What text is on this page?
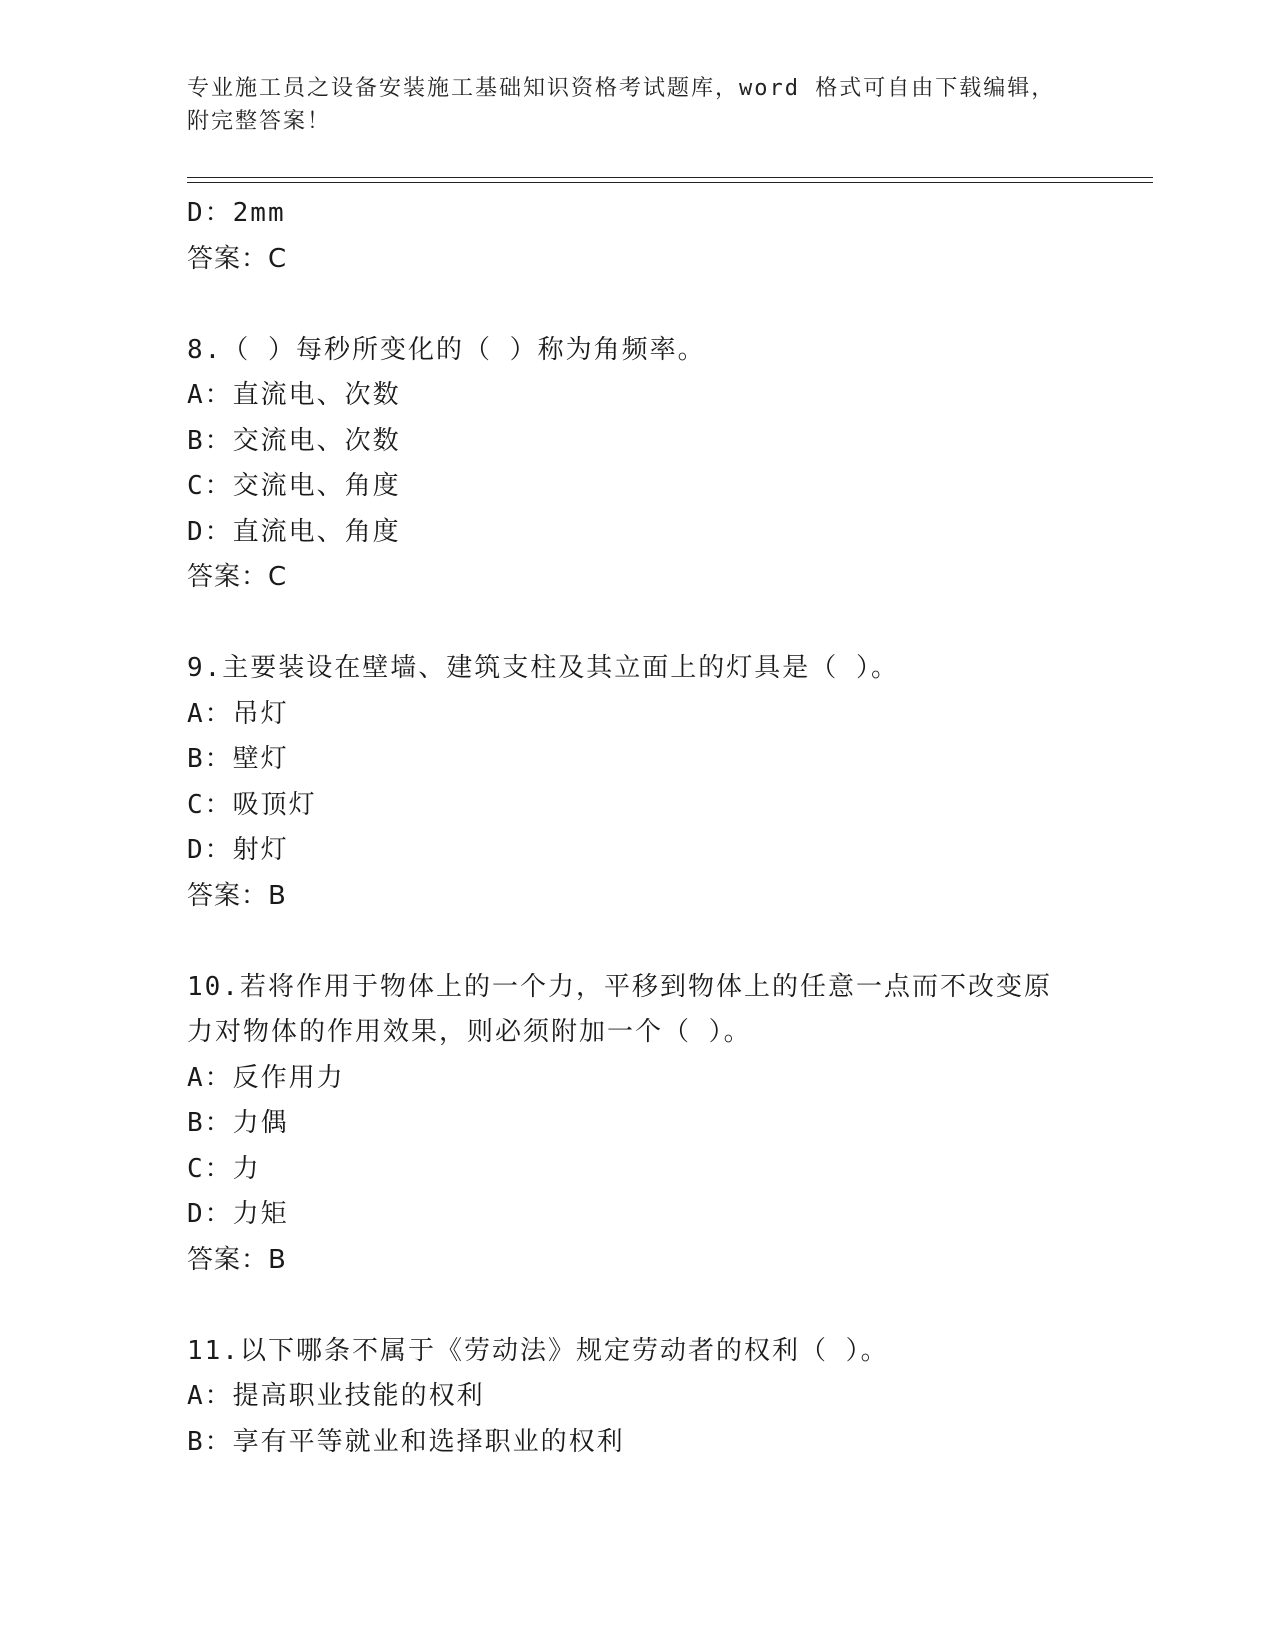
专业施工员之设备安装施工基础知识资格考试题库，word 格式可自由下载编辑，
附完整答案！
D：2mm
答案：C
8.（ ）每秒所变化的（ ）称为角频率。
A：直流电、次数
B：交流电、次数
C：交流电、角度
D：直流电、角度
答案：C
9.主要装设在壁墙、建筑支柱及其立面上的灯具是（ ）。
A：吊灯
B：壁灯
C：吸顶灯
D：射灯
答案：B
10.若将作用于物体上的一个力，平移到物体上的任意一点而不改变原
力对物体的作用效果，则必须附加一个（ ）。
A：反作用力
B：力偶
C：力
D：力矩
答案：B
11.以下哪条不属于《劳动法》规定劳动者的权利（ ）。
A：提高职业技能的权利
B：享有平等就业和选择职业的权利
